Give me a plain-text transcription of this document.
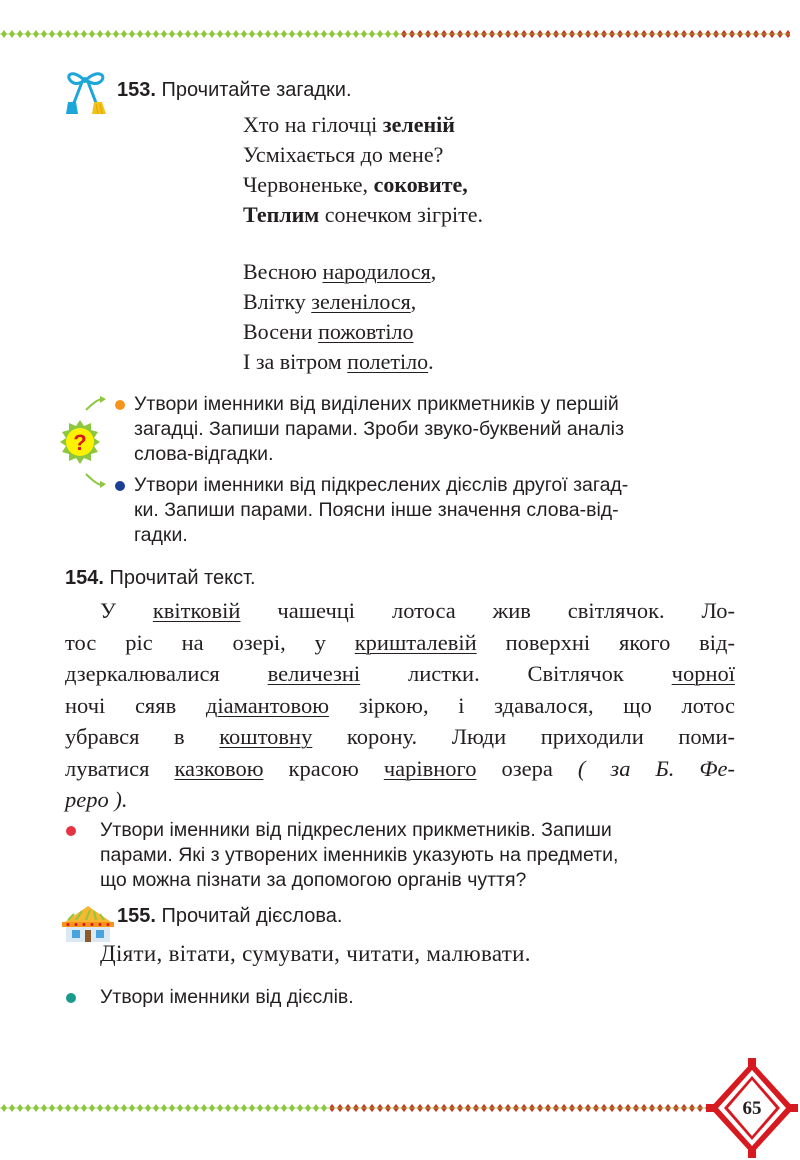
153. Прочитайте загадки.
Хто на гілочці зеленій
Усміхається до мене?
Червоненьке, соковите,
Теплим сонечком зігріте.
Весною народилося,
Влітку зеленілося,
Восени пожовтіло
І за вітром полетіло.
?
Утвори іменники від виділених прикметників у першій
загадці. Запиши парами. Зроби звуко-буквений аналіз
слова-відгадки.
Утвори іменники від підкреслених дієслів другої загад-
ки. Запиши парами. Поясни інше значення слова-від-
гадки.
154. Прочитай текст.
У квітковій чашечці лотоса жив світлячок. Ло-
тос ріс на озері, у кришталевій поверхні якого від-
дзеркалювалися величезні листки. Світлячок чорної
ночі сяяв діамантовою зіркою, і здавалося, що лотос
убрався в коштовну корону. Люди приходили поми-
луватися казковою красою чарівного озера ( за Б. Фе-
реро ).
Утвори іменники від підкреслених прикметників. Запиши
парами. Які з утворених іменників указують на предмети,
що можна пізнати за допомогою органів чуття?
155. Прочитай дієслова.
Діяти, вітати, сумувати, читати, малювати.
Утвори іменники від дієслів.
65
